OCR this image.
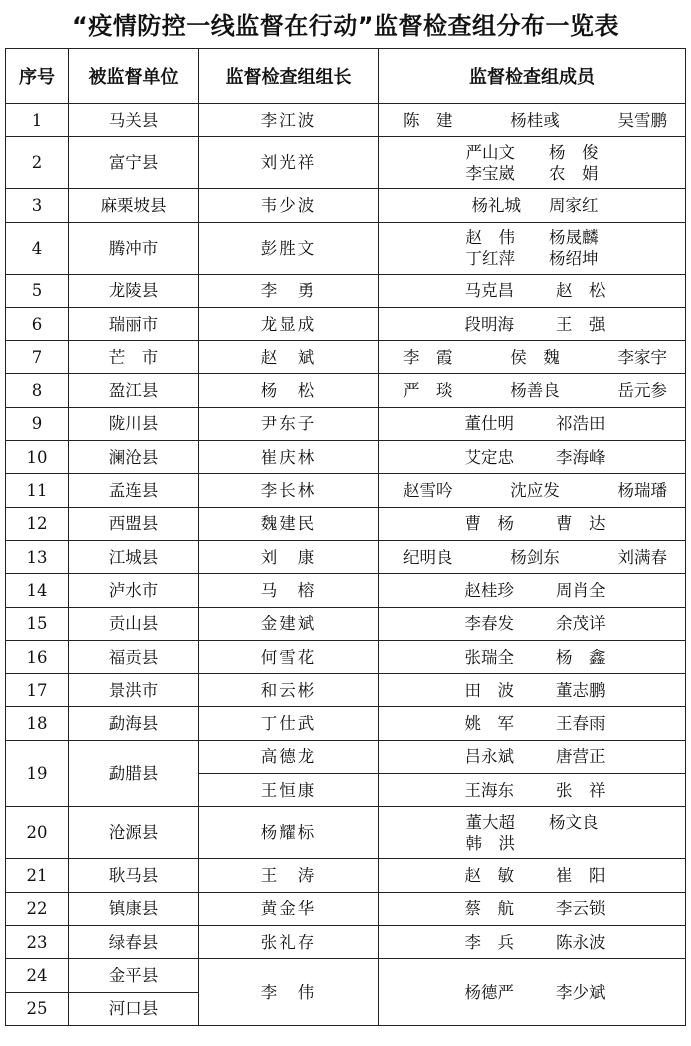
“疫情防控一线监督在行动”监督检查组分布一览表
序号	被监督单位	监督检查组组长	监督检查组成员
1	马关县	李江波	陈　建 杨桂彧 吴雪鹏

2	富宁县	刘光祥	严山文 杨　俊
李宝崴 农　娟

3	麻栗坡县	韦少波	杨礼城 周家红

4	腾冲市	彭胜文	赵　伟 杨晟麟
丁红萍 杨绍坤

5	龙陵县	李　勇	马克昌 赵　松

6	瑞丽市	龙显成	段明海 王　强

7	芒　市	赵　斌	李　霞 侯　魏 李家宇

8	盈江县	杨　松	严　琰 杨善良 岳元参

9	陇川县	尹东子	董仕明 祁浩田

10	澜沧县	崔庆林	艾定忠 李海峰

11	孟连县	李长林	赵雪吟 沈应发 杨瑞璠

12	西盟县	魏建民	曹　杨 曹　达

13	江城县	刘　康	纪明良 杨剑东 刘满春

14	泸水市	马　榕	赵桂珍 周肖全

15	贡山县	金建斌	李春发 余茂详

16	福贡县	何雪花	张瑞全 杨　鑫

17	景洪市	和云彬	田　波 董志鹏

18	勐海县	丁仕武	姚　军 王春雨

19	勐腊县	高德龙	吕永斌 唐营正

		王恒康	王海东 张　祥

20	沧源县	杨耀标	董大超 杨文良
韩　洪

21	耿马县	王　涛	赵　敏 崔　阳

22	镇康县	黄金华	蔡　航 李云锁

23	绿春县	张礼存	李　兵 陈永波

24	金平县	李　伟	杨德严 李少斌

25	河口县		
